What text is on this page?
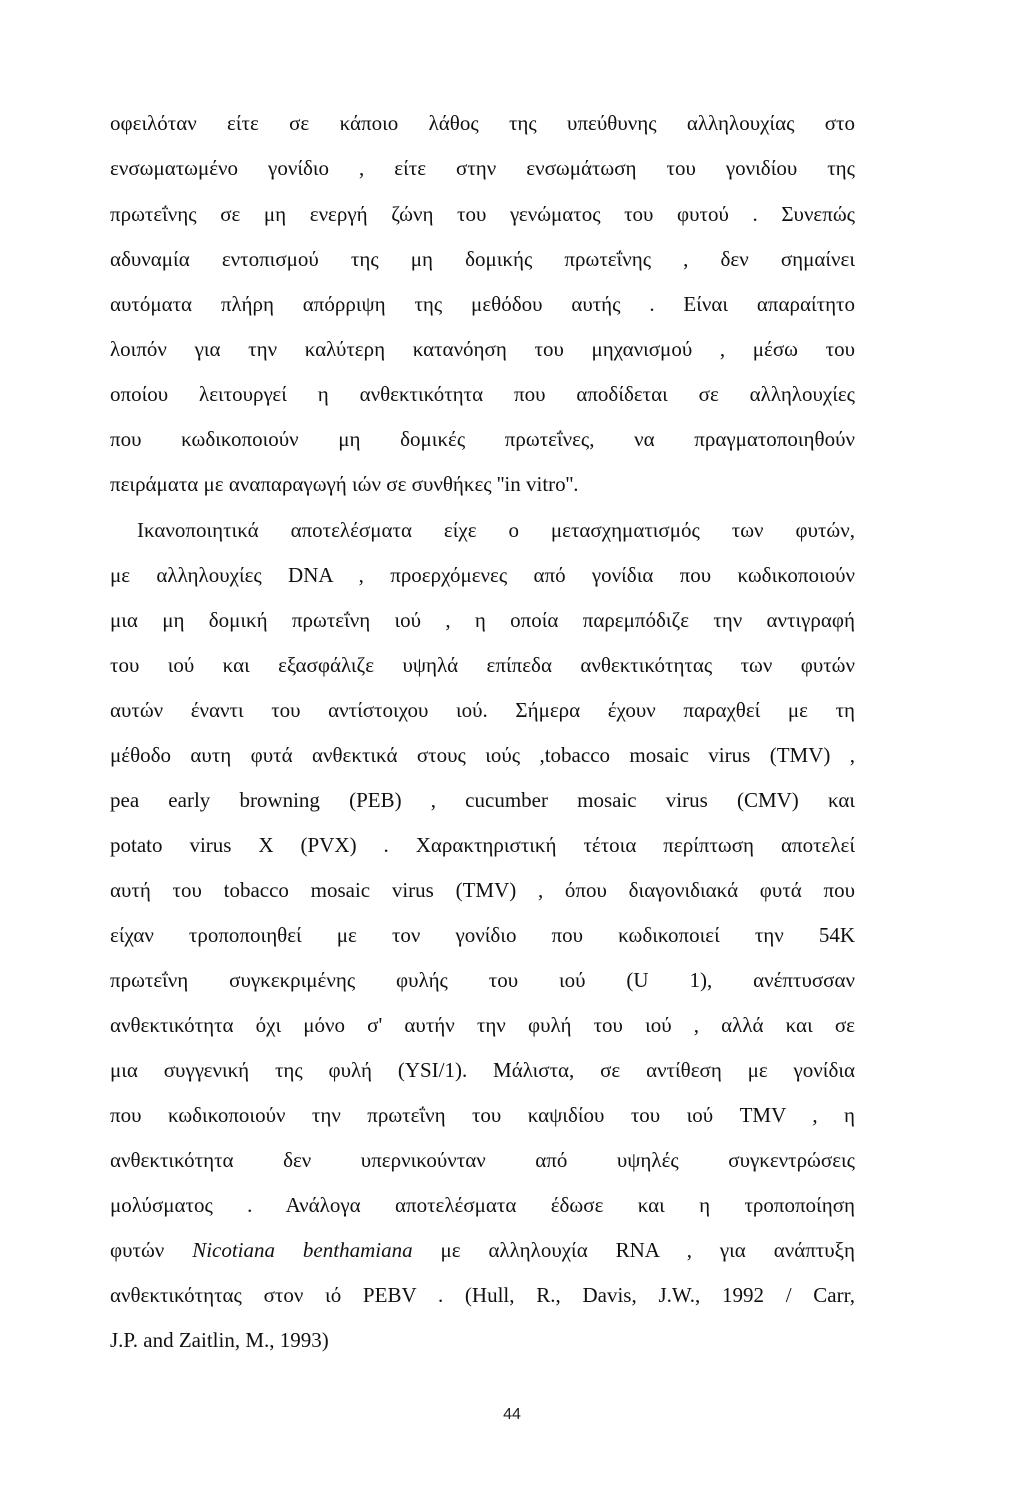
οφειλόταν είτε σε κάποιο λάθος της υπεύθυνης αλληλουχίας στο
ενσωματωμένο γονίδιο , είτε στην ενσωμάτωση του γονιδίου της
πρωτεΐνης σε μη ενεργή ζώνη του γενώματος του φυτού . Συνεπώς
αδυναμία εντοπισμού της μη δομικής πρωτεΐνης , δεν σημαίνει
αυτόματα πλήρη απόρριψη της μεθόδου αυτής . Είναι απαραίτητο
λοιπόν για την καλύτερη κατανόηση του μηχανισμού , μέσω του
οποίου λειτουργεί η ανθεκτικότητα που αποδίδεται σε αλληλουχίες
που κωδικοποιούν μη δομικές πρωτεΐνες, να πραγματοποιηθούν
πειράματα με αναπαραγωγή ιών σε συνθήκες ''in vitro''.
Ικανοποιητικά αποτελέσματα είχε ο μετασχηματισμός των φυτών,
με αλληλουχίες DNA , προερχόμενες από γονίδια που κωδικοποιούν
μια μη δομική πρωτεΐνη ιού , η οποία παρεμπόδιζε την αντιγραφή
του ιού και εξασφάλιζε υψηλά επίπεδα ανθεκτικότητας των φυτών
αυτών έναντι του αντίστοιχου ιού. Σήμερα έχουν παραχθεί με τη
μέθοδο αυτη φυτά ανθεκτικά στους ιούς ,tobacco mosaic virus (TMV) ,
pea early browning (PEB) , cucumber mosaic virus (CMV) και
potato virus X (PVX) . Χαρακτηριστική τέτοια περίπτωση αποτελεί
αυτή του tobacco mosaic virus (TMV) , όπου διαγονιδιακά φυτά που
είχαν τροποποιηθεί με τον γονίδιο που κωδικοποιεί την 54K
πρωτεΐνη συγκεκριμένης φυλής του ιού (U 1), ανέπτυσσαν
ανθεκτικότητα όχι μόνο σ' αυτήν την φυλή του ιού , αλλά και σε
μια συγγενική της φυλή (YSI/1). Μάλιστα, σε αντίθεση με γονίδια
που κωδικοποιούν την πρωτεΐνη του καψιδίου του ιού TMV , η
ανθεκτικότητα δεν υπερνικούνταν από υψηλές συγκεντρώσεις
μολύσματος . Ανάλογα αποτελέσματα έδωσε και η τροποποίηση
φυτών Nicotiana benthamiana με αλληλουχία RNA , για ανάπτυξη
ανθεκτικότητας στον ιό PEBV . (Hull, R., Davis, J.W., 1992 / Carr,
J.P. and Zaitlin, M., 1993)
44
